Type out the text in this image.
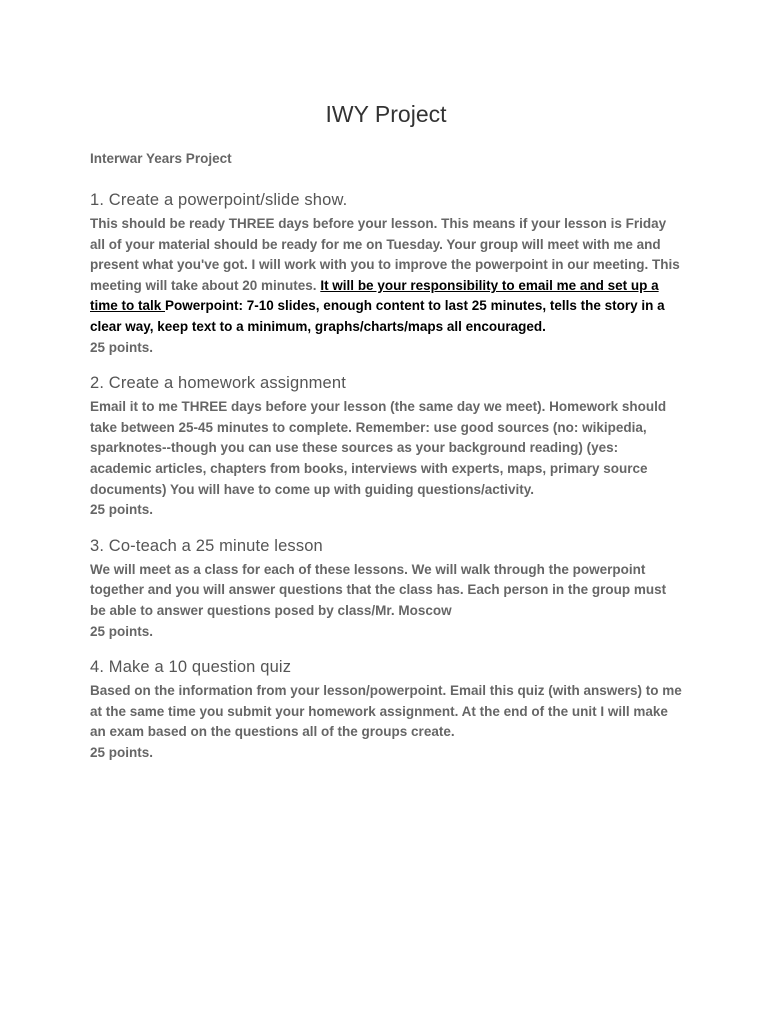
IWY Project

Interwar Years Project

1. Create a powerpoint/slide show.

This should be ready THREE days before your lesson. This means if your lesson is Friday all of your material should be ready for me on Tuesday. Your group will meet with me and present what you've got. I will work with you to improve the powerpoint in our meeting. This meeting will take about 20 minutes. It will be your responsibility to email me and set up a time to talk Powerpoint: 7-10 slides, enough content to last 25 minutes, tells the story in a clear way, keep text to a minimum, graphs/charts/maps all encouraged.
25 points.

2. Create a homework assignment

Email it to me THREE days before your lesson (the same day we meet). Homework should take between 25-45 minutes to complete. Remember: use good sources (no: wikipedia, sparknotes--though you can use these sources as your background reading) (yes: academic articles, chapters from books, interviews with experts, maps, primary source documents) You will have to come up with guiding questions/activity.
25 points.

3. Co-teach a 25 minute lesson

We will meet as a class for each of these lessons. We will walk through the powerpoint together and you will answer questions that the class has. Each person in the group must be able to answer questions posed by class/Mr. Moscow
25 points.

4. Make a 10 question quiz

Based on the information from your lesson/powerpoint. Email this quiz (with answers) to me at the same time you submit your homework assignment. At the end of the unit I will make an exam based on the questions all of the groups create.
25 points.
